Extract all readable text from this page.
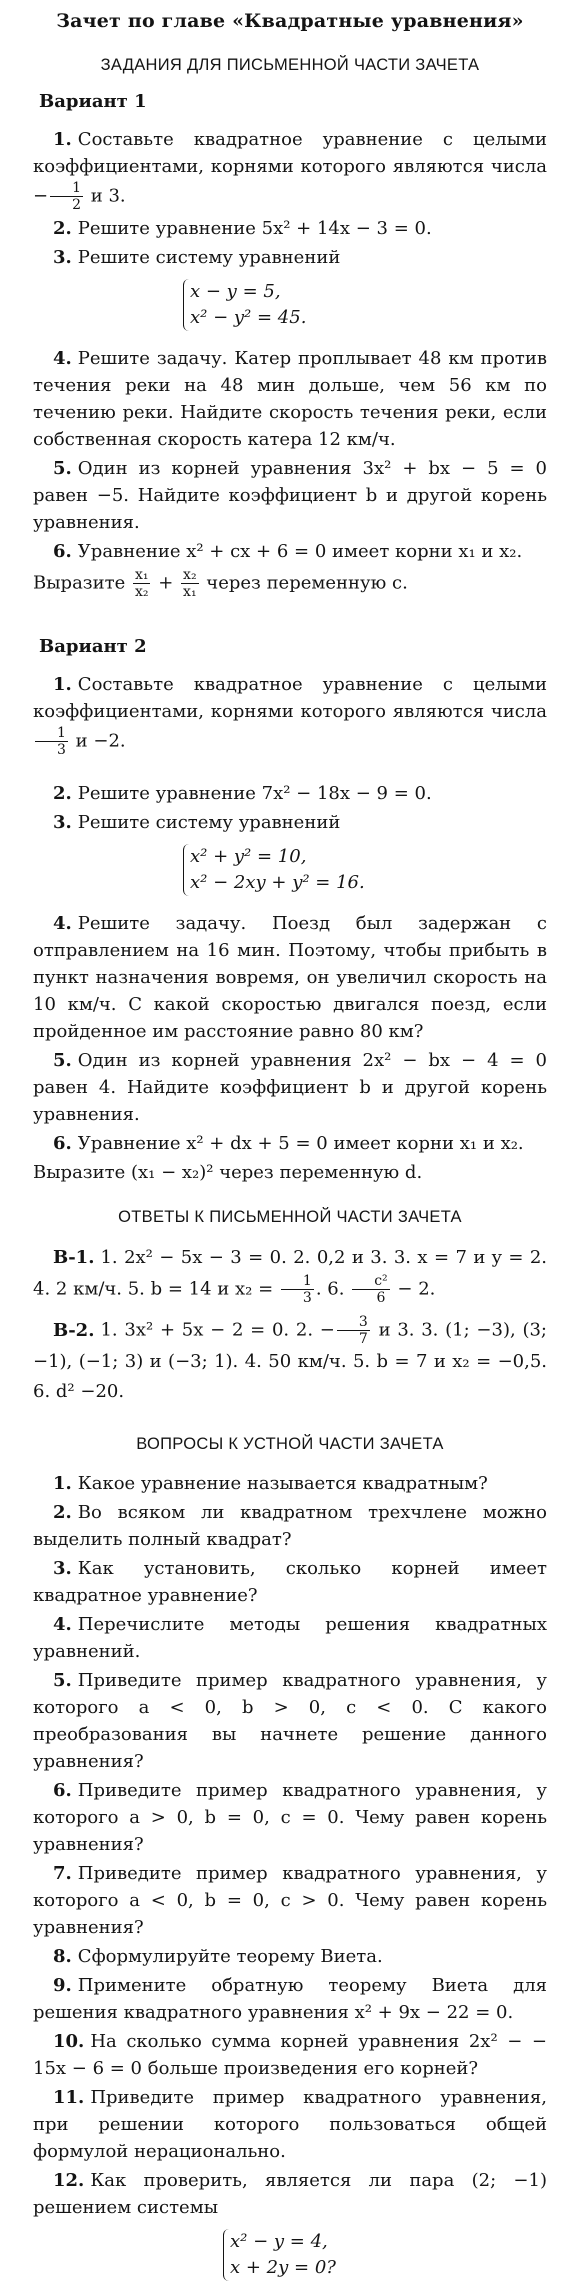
Зачет по главе «Квадратные уравнения»
ЗАДАНИЯ ДЛЯ ПИСЬМЕННОЙ ЧАСТИ ЗАЧЕТА
Вариант 1
1. Составьте квадратное уравнение с целыми коэффициентами, корнями которого являются числа − $\frac{1}{2}$ и 3.
2. Решите уравнение 5x² + 14x − 3 = 0.
3. Решите систему уравнений
x − y = 5,
x² − y² = 45.
4. Решите задачу. Катер проплывает 48 км против течения реки на 48 мин дольше, чем 56 км по течению реки. Найдите скорость течения реки, если собственная скорость катера 12 км/ч.
5. Один из корней уравнения 3x² + bx − 5 = 0 равен −5. Найдите коэффициент b и другой корень уравнения.
6. Уравнение x² + cx + 6 = 0 имеет корни x₁ и x₂.
Выразите $\frac{\text{x₁}}{\text{x₂}} + \frac{\text{x₂}}{\text{x₁}}$ через переменную c.
Вариант 2
1. Составьте квадратное уравнение с целыми коэффициентами, корнями которого являются числа
$\frac{1}{3}$ и −2.
2. Решите уравнение 7x² − 18x − 9 = 0.
3. Решите систему уравнений
x² + y² = 10,
x² − 2xy + y² = 16.
4. Решите задачу. Поезд был задержан с отправлением на 16 мин. Поэтому, чтобы прибыть в пункт назначения вовремя, он увеличил скорость на 10 км/ч. С какой скоростью двигался поезд, если пройденное им расстояние равно 80 км?
5. Один из корней уравнения 2x² − bx − 4 = 0 равен 4. Найдите коэффициент b и другой корень уравнения.
6. Уравнение x² + dx + 5 = 0 имеет корни x₁ и x₂.
Выразите (x₁ − x₂)² через переменную d.
ОТВЕТЫ К ПИСЬМЕННОЙ ЧАСТИ ЗАЧЕТА
В-1. 1. 2x² − 5x − 3 = 0. 2. 0,2 и 3. 3. x = 7 и y = 2. 4. 2 км/ч. 5. b = 14 и $x_2 = \frac{1}{3}$ . 6. $\frac{\text{c²}}{6} - 2$.
В-2. 1. 3x² + 5x − 2 = 0. 2. − $\frac{3}{7}$ и 3. 3. (1; −3), (3; −1), (−1; 3) и (−3; 1). 4. 50 км/ч. 5. b = 7 и x₂ = −0,5. 6. d² −20.
ВОПРОСЫ К УСТНОЙ ЧАСТИ ЗАЧЕТА
1. Какое уравнение называется квадратным?
2. Во всяком ли квадратном трехчлене можно выделить полный квадрат?
3. Как установить, сколько корней имеет квадратное уравнение?
4. Перечислите методы решения квадратных уравнений.
5. Приведите пример квадратного уравнения, у которого a < 0, b > 0, c < 0. С какого преобразования вы начнете решение данного уравнения?
6. Приведите пример квадратного уравнения, у которого a > 0, b = 0, c = 0. Чему равен корень уравнения?
7. Приведите пример квадратного уравнения, у которого a < 0, b = 0, c > 0. Чему равен корень уравнения?
8. Сформулируйте теорему Виета.
9. Примените обратную теорему Виета для решения квадратного уравнения x² + 9x − 22 = 0.
10. На сколько сумма корней уравнения 2x² − − 15x − 6 = 0 больше произведения его корней?
11. Приведите пример квадратного уравнения, при решении которого пользоваться общей формулой нерационально.
12. Как проверить, является ли пара (2; −1) решением системы
x² − y = 4,
x + 2y = 0?
